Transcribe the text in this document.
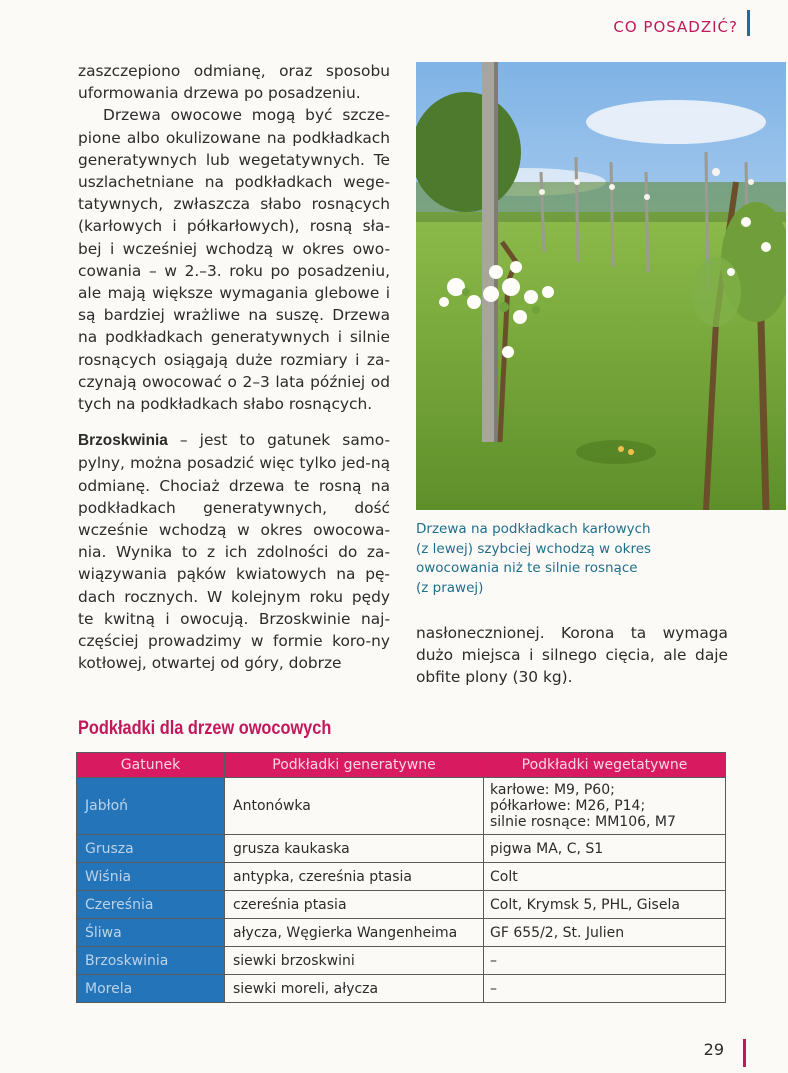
CO POSADZIĆ?

zaszczepiono odmianę, oraz sposobu uformowania drzewa po posadzeniu.

Drzewa owocowe mogą być szcze-pione albo okulizowane na podkładkach generatywnych lub wegetatywnych. Te uszlachetniane na podkładkach wege-tatywnych, zwłaszcza słabo rosnących (karłowych i półkarłowych), rosną sła-bej i wcześniej wchodzą w okres owo-cowania – w 2.–3. roku po posadzeniu, ale mają większe wymagania glebowe i są bardziej wrażliwe na suszę. Drzewa na podkładkach generatywnych i silnie rosnących osiągają duże rozmiary i za-czynają owocować o 2–3 lata później od tych na podkładkach słabo rosnących.

Brzoskwinia – jest to gatunek samo-pylny, można posadzić więc tylko jed-ną odmianę. Chociaż drzewa te rosną na podkładkach generatywnych, dość wcześnie wchodzą w okres owocowa-nia. Wynika to z ich zdolności do za-wiązywania pąków kwiatowych na pę-dach rocznych. W kolejnym roku pędy te kwitną i owocują. Brzoskwinie naj-częściej prowadzimy w formie koro-ny kotłowej, otwartej od góry, dobrze

Drzewa na podkładkach karłowych
(z lewej) szybciej wchodzą w okres
owocowania niż te silnie rosnące
(z prawej)

nasłonecznionej. Korona ta wymaga dużo miejsca i silnego cięcia, ale daje obfite plony (30 kg).

Podkładki dla drzew owocowych
Gatunek	Podkładki generatywne	Podkładki wegetatywne
Jabłoń	Antonówka	karłowe: M9, P60;
półkarłowe: M26, P14;
silnie rosnące: MM106, M7

Grusza	grusza kaukaska	pigwa MA, C, S1
Wiśnia	antypka, czereśnia ptasia	Colt
Czereśnia	czereśnia ptasia	Colt, Krymsk 5, PHL, Gisela
Śliwa	ałycza, Węgierka Wangenheima	GF 655/2, St. Julien
Brzoskwinia	siewki brzoskwini	–
Morela	siewki moreli, ałycza	–
29
